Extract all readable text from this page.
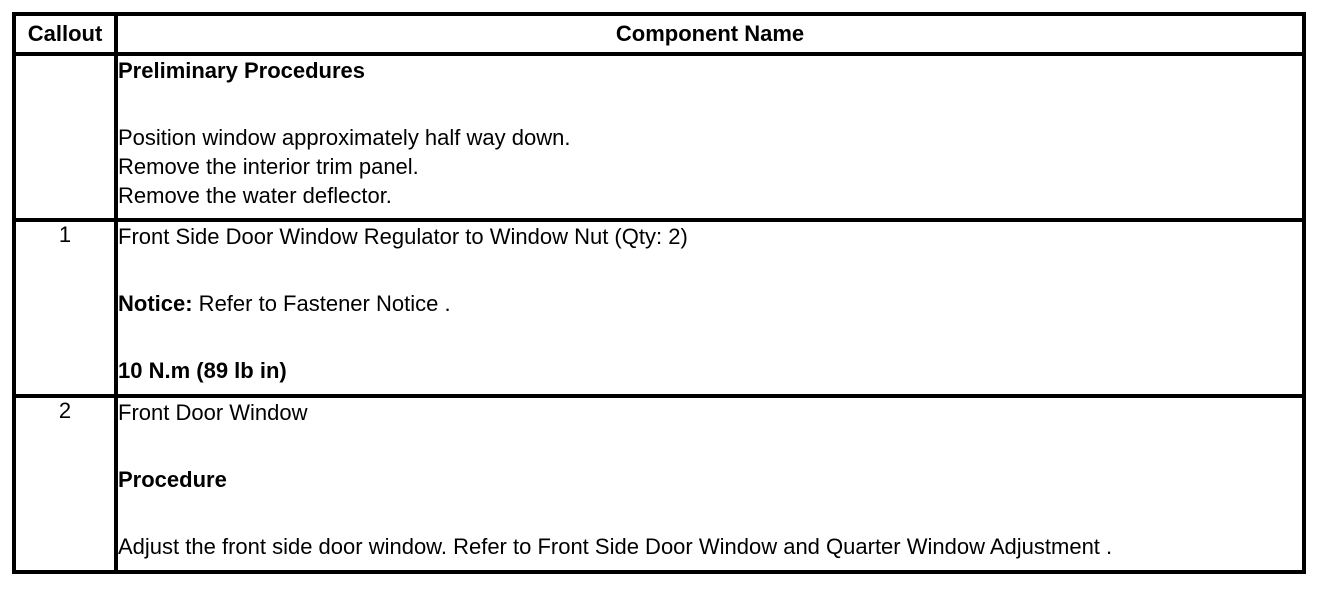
Callout	Component Name

	Preliminary Procedures
Position window approximately half way down.
Remove the interior trim panel.
Remove the water deflector.

1	Front Side Door Window Regulator to Window Nut (Qty: 2)
Notice: Refer to Fastener Notice .
10 N.m (89 lb in)

2	Front Door Window
Procedure
Adjust the front side door window. Refer to Front Side Door Window and Quarter Window Adjustment .
